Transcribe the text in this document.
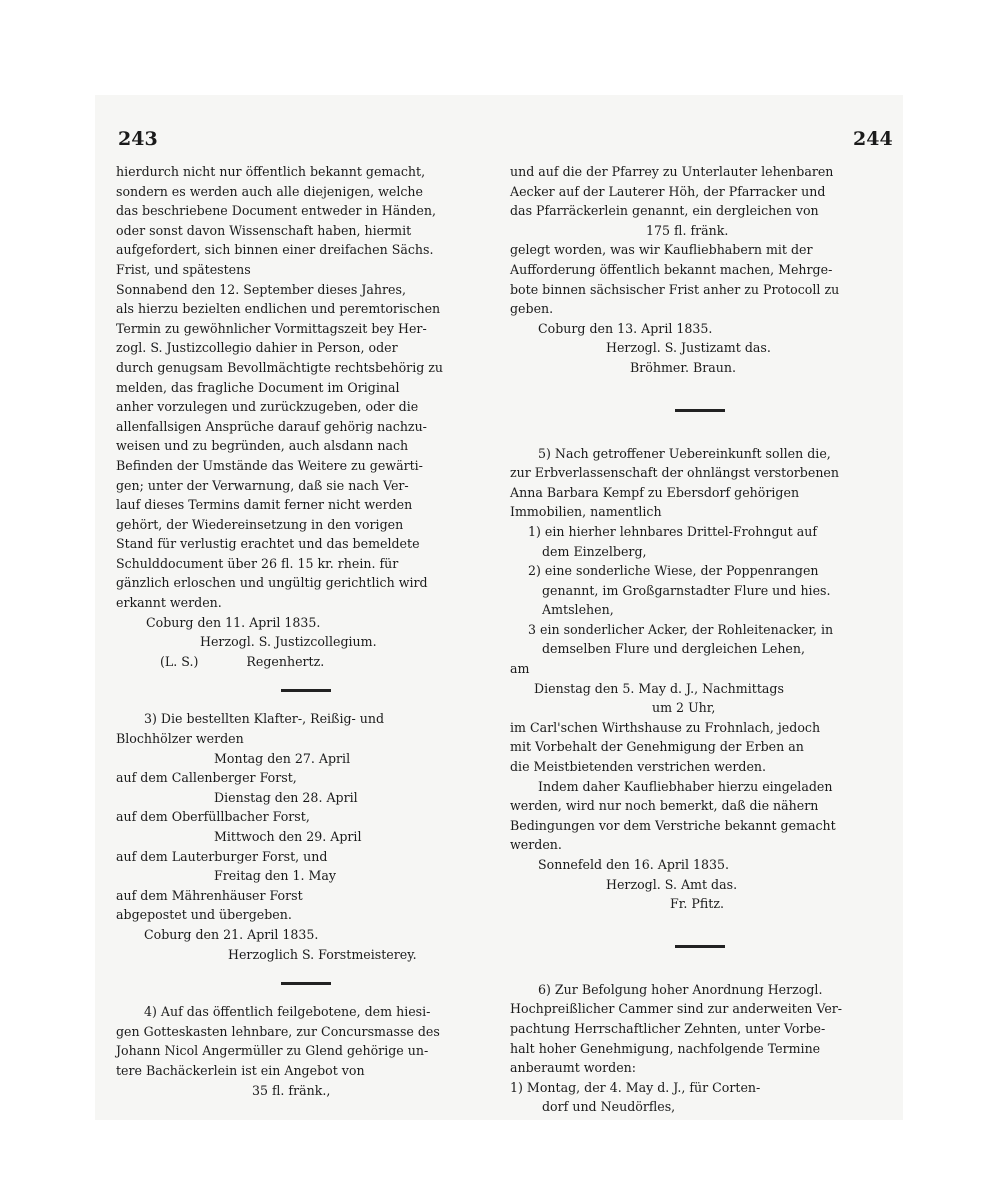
243	244
hierdurch nicht nur öffentlich bekannt gemacht,
sondern es werden auch alle diejenigen, welche
das beschriebene Document entweder in Händen,
oder sonst davon Wissenschaft haben, hiermit
aufgefordert, sich binnen einer dreifachen Sächs.
Frist, und spätestens
Sonnabend den 12. September dieses Jahres,
als hierzu bezielten endlichen und peremtorischen
Termin zu gewöhnlicher Vormittagszeit bey Her-
zogl. S. Justizcollegio dahier in Person, oder
durch genugsam Bevollmächtigte rechtsbehörig zu
melden, das fragliche Document im Original
anher vorzulegen und zurückzugeben, oder die
allenfallsigen Ansprüche darauf gehörig nachzu-
weisen und zu begründen, auch alsdann nach
Befinden der Umstände das Weitere zu gewärti-
gen; unter der Verwarnung, daß sie nach Ver-
lauf dieses Termins damit ferner nicht werden
gehört, der Wiedereinsetzung in den vorigen
Stand für verlustig erachtet und das bemeldete
Schulddocument über 26 fl. 15 kr. rhein. für
gänzlich erloschen und ungültig gerichtlich wird
erkannt werden.
Coburg den 11. April 1835.
Herzogl. S. Justizcollegium.
(L. S.)            Regenhertz.
3) Die bestellten Klafter-, Reißig- und
Blochhölzer werden
Montag den 27. April
auf dem Callenberger Forst,
Dienstag den 28. April
auf dem Oberfüllbacher Forst,
Mittwoch den 29. April
auf dem Lauterburger Forst, und
Freitag den 1. May
auf dem Mährenhäuser Forst
abgepostet und übergeben.
Coburg den 21. April 1835.
Herzoglich S. Forstmeisterey.
4) Auf das öffentlich feilgebotene, dem hiesi-
gen Gotteskasten lehnbare, zur Concursmasse des
Johann Nicol Angermüller zu Glend gehörige un-
tere Bachäckerlein ist ein Angebot von
35 fl. fränk.,
und auf die der Pfarrey zu Unterlauter lehenbaren
Aecker auf der Lauterer Höh, der Pfarracker und
das Pfarräckerlein genannt, ein dergleichen von
175 fl. fränk.
gelegt worden, was wir Kaufliebhabern mit der
Aufforderung öffentlich bekannt machen, Mehrge-
bote binnen sächsischer Frist anher zu Protocoll zu
geben.
Coburg den 13. April 1835.
Herzogl. S. Justizamt das.
Bröhmer. Braun.
5) Nach getroffener Uebereinkunft sollen die,
zur Erbverlassenschaft der ohnlängst verstorbenen
Anna Barbara Kempf zu Ebersdorf gehörigen
Immobilien, namentlich
1) ein hierher lehnbares Drittel-Frohngut auf
dem Einzelberg,
2) eine sonderliche Wiese, der Poppenrangen
genannt, im Großgarnstadter Flure und hies.
Amtslehen,
3 ein sonderlicher Acker, der Rohleitenacker, in
demselben Flure und dergleichen Lehen,
am
Dienstag den 5. May d. J., Nachmittags
um 2 Uhr,
im Carl'schen Wirthshause zu Frohnlach, jedoch
mit Vorbehalt der Genehmigung der Erben an
die Meistbietenden verstrichen werden.
Indem daher Kaufliebhaber hierzu eingeladen
werden, wird nur noch bemerkt, daß die nähern
Bedingungen vor dem Verstriche bekannt gemacht
werden.
Sonnefeld den 16. April 1835.
Herzogl. S. Amt das.
Fr. Pfitz.
6) Zur Befolgung hoher Anordnung Herzogl.
Hochpreißlicher Cammer sind zur anderweiten Ver-
pachtung Herrschaftlicher Zehnten, unter Vorbe-
halt hoher Genehmigung, nachfolgende Termine
anberaumt worden:
1) Montag, der 4. May d. J., für Corten-
dorf und Neudörfles,
